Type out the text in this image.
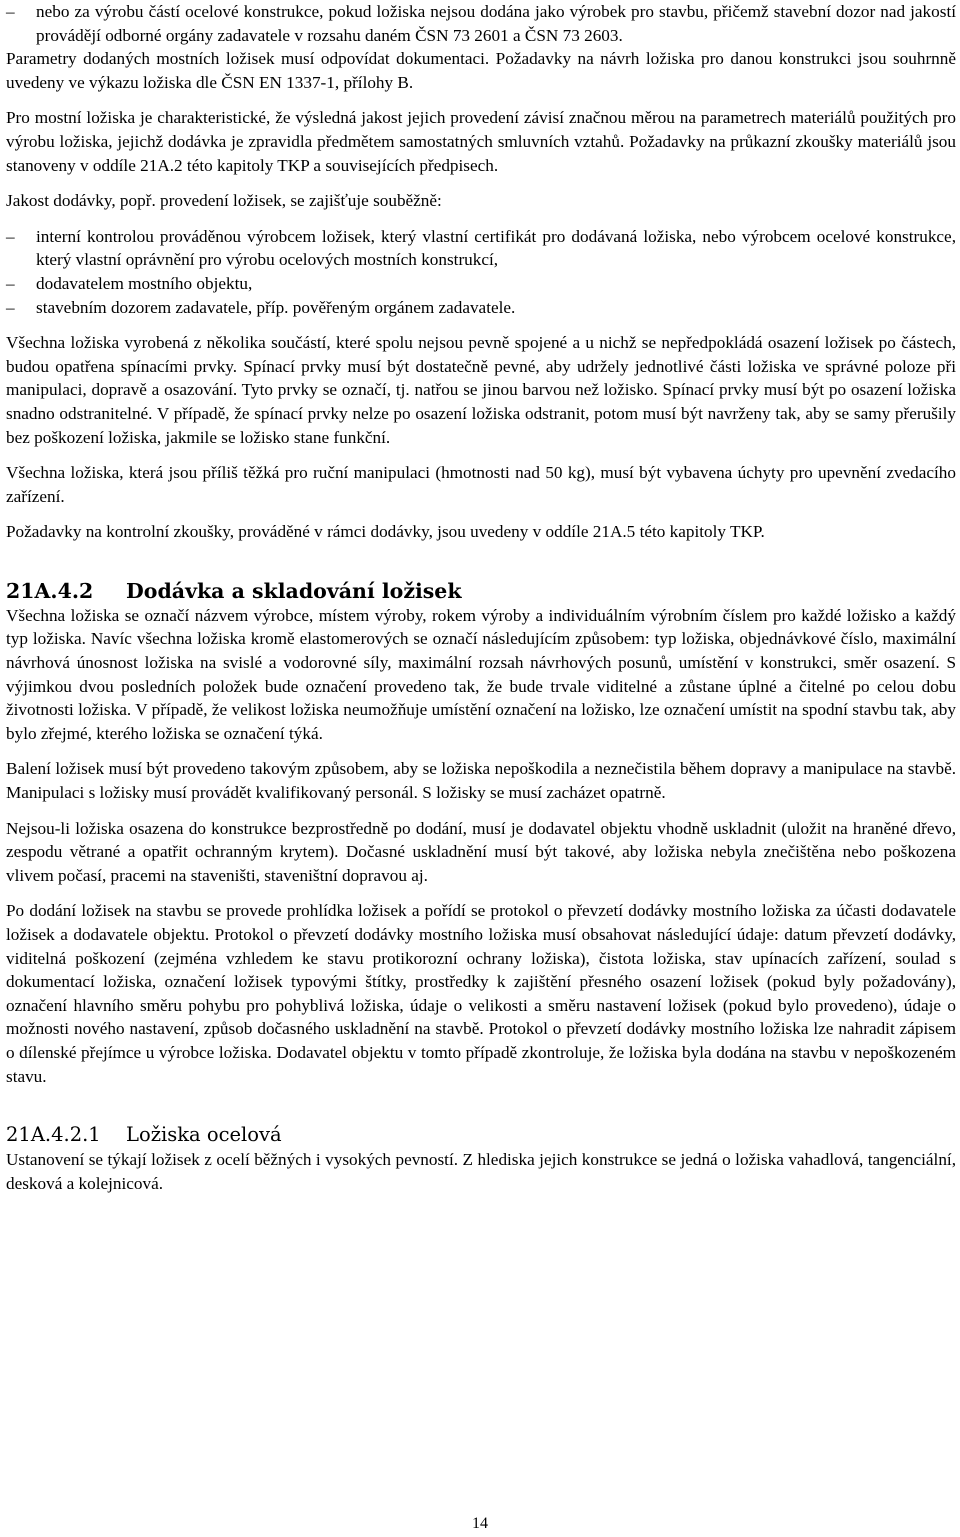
– nebo za výrobu částí ocelové konstrukce, pokud ložiska nejsou dodána jako výrobek pro stavbu, přičemž stavební dozor nad jakostí provádějí odborné orgány zadavatele v rozsahu daném ČSN 73 2601 a ČSN 73 2603.

Parametry dodaných mostních ložisek musí odpovídat dokumentaci. Požadavky na návrh ložiska pro danou konstrukci jsou souhrnně uvedeny ve výkazu ložiska dle ČSN EN 1337-1, přílohy B.

Pro mostní ložiska je charakteristické, že výsledná jakost jejich provedení závisí značnou měrou na parametrech materiálů použitých pro výrobu ložiska, jejichž dodávka je zpravidla předmětem samostatných smluvních vztahů. Požadavky na průkazní zkoušky materiálů jsou stanoveny v oddíle 21A.2 této kapitoly TKP a souvisejících předpisech.

Jakost dodávky, popř. provedení ložisek, se zajišťuje souběžně:

– interní kontrolou prováděnou výrobcem ložisek, který vlastní certifikát pro dodávaná ložiska, nebo výrobcem ocelové konstrukce, který vlastní oprávnění pro výrobu ocelových mostních konstrukcí,
– dodavatelem mostního objektu,
– stavebním dozorem zadavatele, příp. pověřeným orgánem zadavatele.

Všechna ložiska vyrobená z několika součástí, které spolu nejsou pevně spojené a u nichž se nepředpokládá osazení ložisek po částech, budou opatřena spínacími prvky. Spínací prvky musí být dostatečně pevné, aby udržely jednotlivé části ložiska ve správné poloze při manipulaci, dopravě a osazování. Tyto prvky se označí, tj. natřou se jinou barvou než ložisko. Spínací prvky musí být po osazení ložiska snadno odstranitelné. V případě, že spínací prvky nelze po osazení ložiska odstranit, potom musí být navrženy tak, aby se samy přerušily bez poškození ložiska, jakmile se ložisko stane funkční.

Všechna ložiska, která jsou příliš těžká pro ruční manipulaci (hmotnosti nad 50 kg), musí být vybavena úchyty pro upevnění zvedacího zařízení.

Požadavky na kontrolní zkoušky, prováděné v rámci dodávky, jsou uvedeny v oddíle 21A.5 této kapitoly TKP.

21A.4.2	Dodávka a skladování ložisek

Všechna ložiska se označí názvem výrobce, místem výroby, rokem výroby a individuálním výrobním číslem pro každé ložisko a každý typ ložiska. Navíc všechna ložiska kromě elastomerových se označí následujícím způsobem: typ ložiska, objednávkové číslo, maximální návrhová únosnost ložiska na svislé a vodorovné síly, maximální rozsah návrhových posunů, umístění v konstrukci, směr osazení. S výjimkou dvou posledních položek bude označení provedeno tak, že bude trvale viditelné a zůstane úplné a čitelné po celou dobu životnosti ložiska. V případě, že velikost ložiska neumožňuje umístění označení na ložisko, lze označení umístit na spodní stavbu tak, aby bylo zřejmé, kterého ložiska se označení týká.

Balení ložisek musí být provedeno takovým způsobem, aby se ložiska nepoškodila a neznečistila během dopravy a manipulace na stavbě. Manipulaci s ložisky musí provádět kvalifikovaný personál. S ložisky se musí zacházet opatrně.

Nejsou-li ložiska osazena do konstrukce bezprostředně po dodání, musí je dodavatel objektu vhodně uskladnit (uložit na hraněné dřevo, zespodu větrané a opatřit ochranným krytem). Dočasné uskladnění musí být takové, aby ložiska nebyla znečištěna nebo poškozena vlivem počasí, pracemi na staveništi, staveništní dopravou aj.

Po dodání ložisek na stavbu se provede prohlídka ložisek a pořídí se protokol o převzetí dodávky mostního ložiska za účasti dodavatele ložisek a dodavatele objektu. Protokol o převzetí dodávky mostního ložiska musí obsahovat následující údaje: datum převzetí dodávky, viditelná poškození (zejména vzhledem ke stavu protikorozní ochrany ložiska), čistota ložiska, stav upínacích zařízení, soulad s dokumentací ložiska, označení ložisek typovými štítky, prostředky k zajištění přesného osazení ložisek (pokud byly požadovány), označení hlavního směru pohybu pro pohyblivá ložiska, údaje o velikosti a směru nastavení ložisek (pokud bylo provedeno), údaje o možnosti nového nastavení, způsob dočasného uskladnění na stavbě. Protokol o převzetí dodávky mostního ložiska lze nahradit zápisem o dílenské přejímce u výrobce ložiska. Dodavatel objektu v tomto případě zkontroluje, že ložiska byla dodána na stavbu v nepoškozeném stavu.

21A.4.2.1	Ložiska ocelová

Ustanovení se týkají ložisek z ocelí běžných i vysokých pevností. Z hlediska jejich konstrukce se jedná o ložiska vahadlová, tangenciální, desková a kolejnicová.

14
